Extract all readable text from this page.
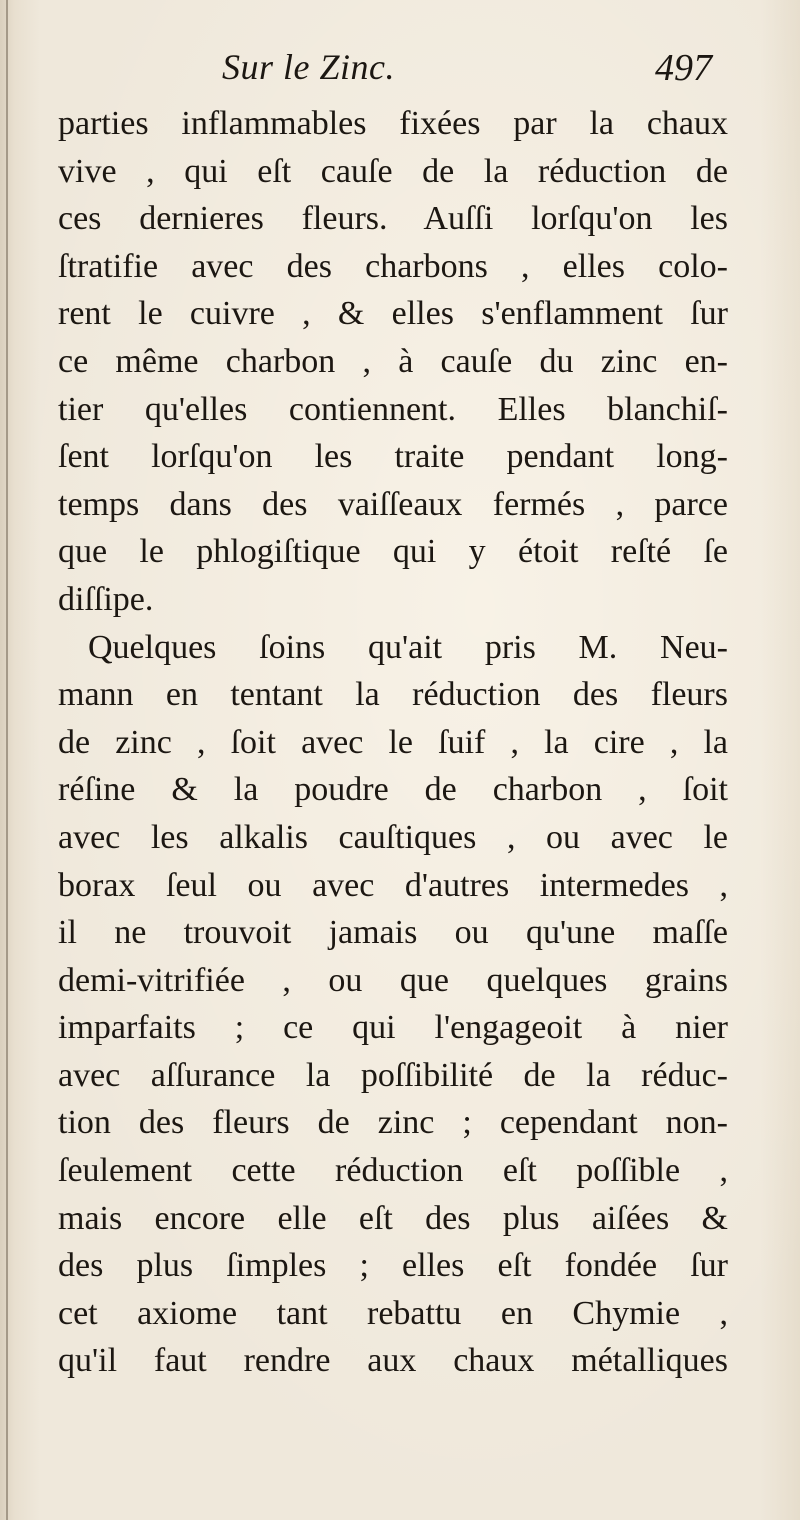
Sur le Zinc.	497
parties inflammables fixées par la chaux
vive , qui eſt cauſe de la réduction de
ces dernieres fleurs. Auſſi lorſqu'on les
ſtratifie avec des charbons , elles colo-
rent le cuivre , & elles s'enflamment ſur
ce même charbon , à cauſe du zinc en-
tier qu'elles contiennent. Elles blanchiſ-
ſent lorſqu'on les traite pendant long-
temps dans des vaiſſeaux fermés , parce
que le phlogiſtique qui y étoit reſté ſe
diſſipe.
Quelques ſoins qu'ait pris M. Neu-
mann en tentant la réduction des fleurs
de zinc , ſoit avec le ſuif , la cire , la
réſine & la poudre de charbon , ſoit
avec les alkalis cauſtiques , ou avec le
borax ſeul ou avec d'autres intermedes ,
il ne trouvoit jamais ou qu'une maſſe
demi-vitrifiée , ou que quelques grains
imparfaits ; ce qui l'engageoit à nier
avec aſſurance la poſſibilité de la réduc-
tion des fleurs de zinc ; cependant non-
ſeulement cette réduction eſt poſſible ,
mais encore elle eſt des plus aiſées &
des plus ſimples ; elles eſt fondée ſur
cet axiome tant rebattu en Chymie ,
qu'il faut rendre aux chaux métalliques
